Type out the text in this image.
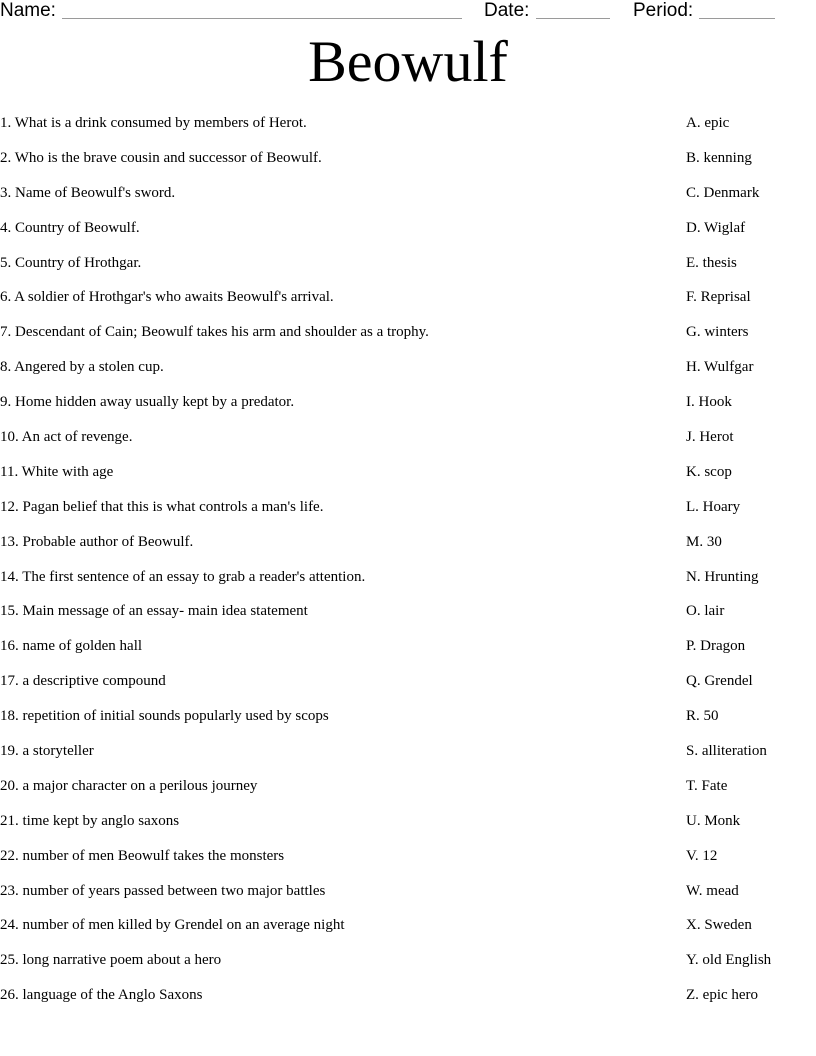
Name:	Date:	Period:
Beowulf
1. What is a drink consumed by members of Herot.
2. Who is the brave cousin and successor of Beowulf.
3. Name of Beowulf's sword.
4. Country of Beowulf.
5. Country of Hrothgar.
6. A soldier of Hrothgar's who awaits Beowulf's arrival.
7. Descendant of Cain; Beowulf takes his arm and shoulder as a trophy.
8. Angered by a stolen cup.
9. Home hidden away usually kept by a predator.
10. An act of revenge.
11. White with age
12. Pagan belief that this is what controls a man's life.
13. Probable author of Beowulf.
14. The first sentence of an essay to grab a reader's attention.
15. Main message of an essay- main idea statement
16. name of golden hall
17. a descriptive compound
18. repetition of initial sounds popularly used by scops
19. a storyteller
20. a major character on a perilous journey
21. time kept by anglo saxons
22. number of men Beowulf takes the monsters
23. number of years passed between two major battles
24. number of men killed by Grendel on an average night
25. long narrative poem about a hero
26. language of the Anglo Saxons
A. epic
B. kenning
C. Denmark
D. Wiglaf
E. thesis
F. Reprisal
G. winters
H. Wulfgar
I. Hook
J. Herot
K. scop
L. Hoary
M. 30
N. Hrunting
O. lair
P. Dragon
Q. Grendel
R. 50
S. alliteration
T. Fate
U. Monk
V. 12
W. mead
X. Sweden
Y. old English
Z. epic hero
